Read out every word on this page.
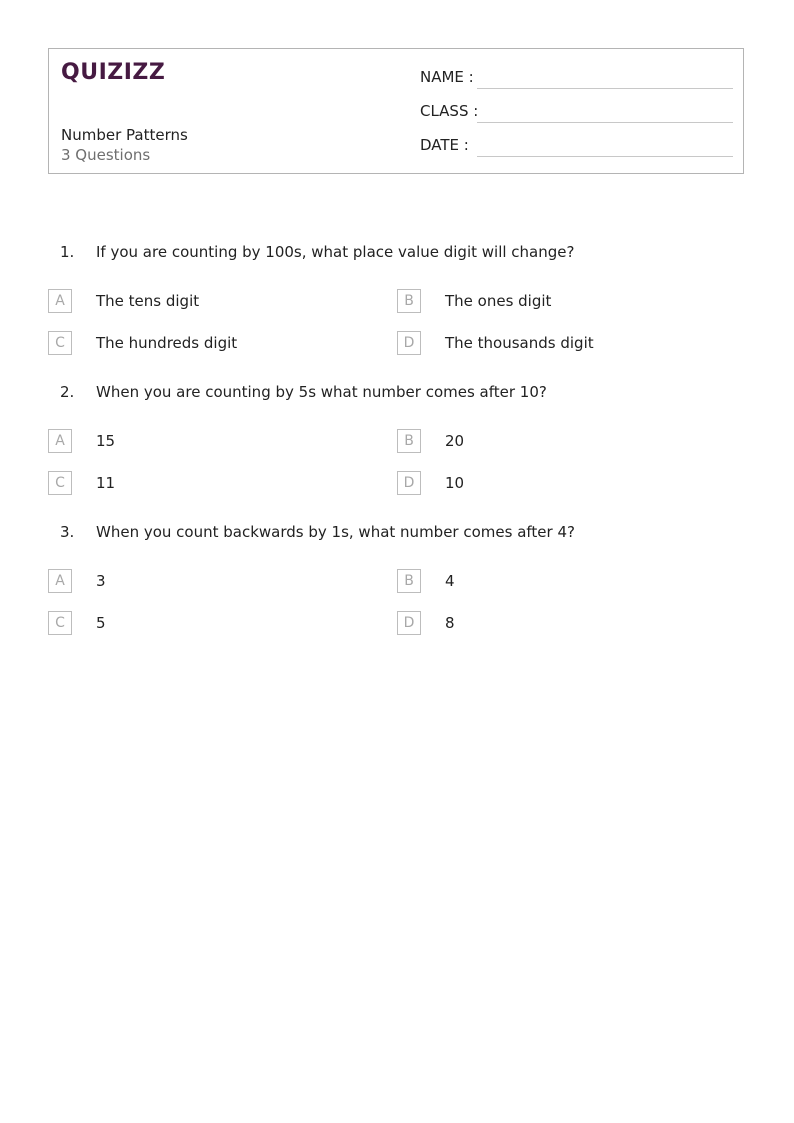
QUIZIZZ
Number Patterns
3 Questions
NAME :
CLASS :
DATE :
1. If you are counting by 100s, what place value digit will change?
A	The tens digit	B	The ones digit
C	The hundreds digit	D	The thousands digit
2. When you are counting by 5s what number comes after 10?
A	15	B	20
C	11	D	10
3. When you count backwards by 1s, what number comes after 4?
A	3	B	4
C	5	D	8
